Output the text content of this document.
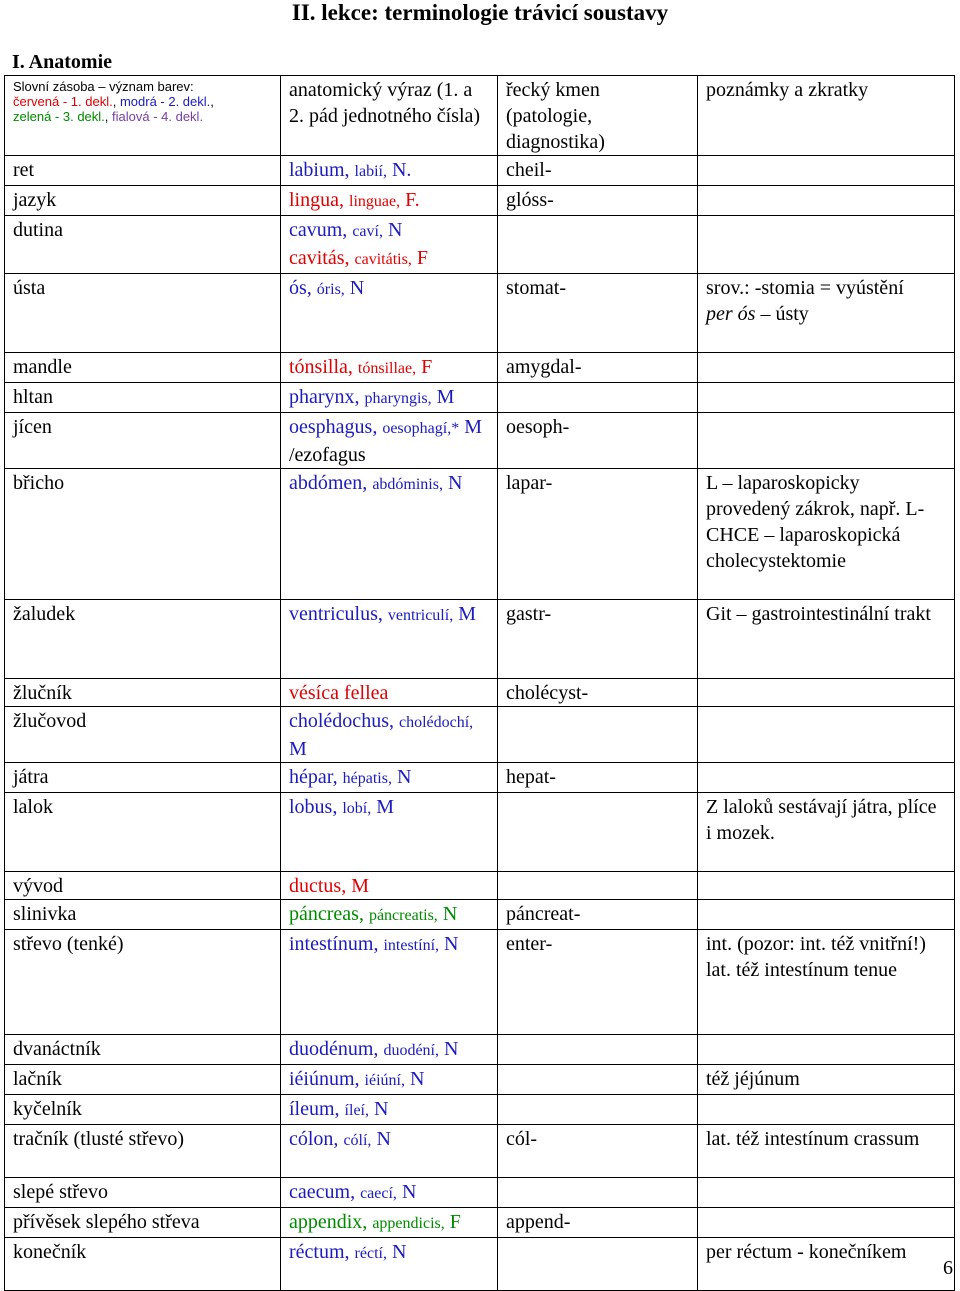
II. lekce: terminologie trávicí soustavy
I. Anatomie
Slovní zásoba – význam barev:
červená - 1. dekl., modrá - 2. dekl.,
zelená - 3. dekl., fialová - 4. dekl.	anatomický výraz (1. a 2. pád jednotného čísla)	řecký kmen (patologie, diagnostika)	poznámky a zkratky
ret	labium, labií, N.	cheil-	
jazyk	lingua, linguae, F.	glóss-	
dutina	cavum, caví, N
cavitás, cavitátis, F		
ústa	ós, óris, N	stomat-	srov.: -stomia = vyústění
per ós – ústy
mandle	tónsilla, tónsillae, F	amygdal-	
hltan	pharynx, pharyngis, M		
jícen	oesphagus, oesophagí,* M /ezofagus	oesoph-	
břicho	abdómen, abdóminis, N	lapar-	L – laparoskopicky provedený zákrok, např. L-CHCE – laparoskopická cholecystektomie
žaludek	ventriculus, ventriculí, M	gastr-	Git – gastrointestinální trakt
žlučník	vésíca fellea	cholécyst-	
žlučovod	cholédochus, cholédochí, M		
játra	hépar, hépatis, N	hepat-	
lalok	lobus, lobí, M		Z laloků sestávají játra, plíce i mozek.
vývod	ductus, M		
slinivka	páncreas, páncreatis, N	páncreat-	
střevo (tenké)	intestínum, intestíní, N	enter-	int. (pozor: int. též vnitřní!) lat. též intestínum tenue
dvanáctník	duodénum, duodéní, N		
lačník	iéiúnum, iéiúní, N		též jéjúnum
kyčelník	íleum, íleí, N		
tračník (tlusté střevo)	cólon, cólí, N	cól-	lat. též intestínum crassum
slepé střevo	caecum, caecí, N		
přívěsek slepého střeva	appendix, appendicis, F	append-	
konečník	réctum, réctí, N		per réctum - konečníkem
6
